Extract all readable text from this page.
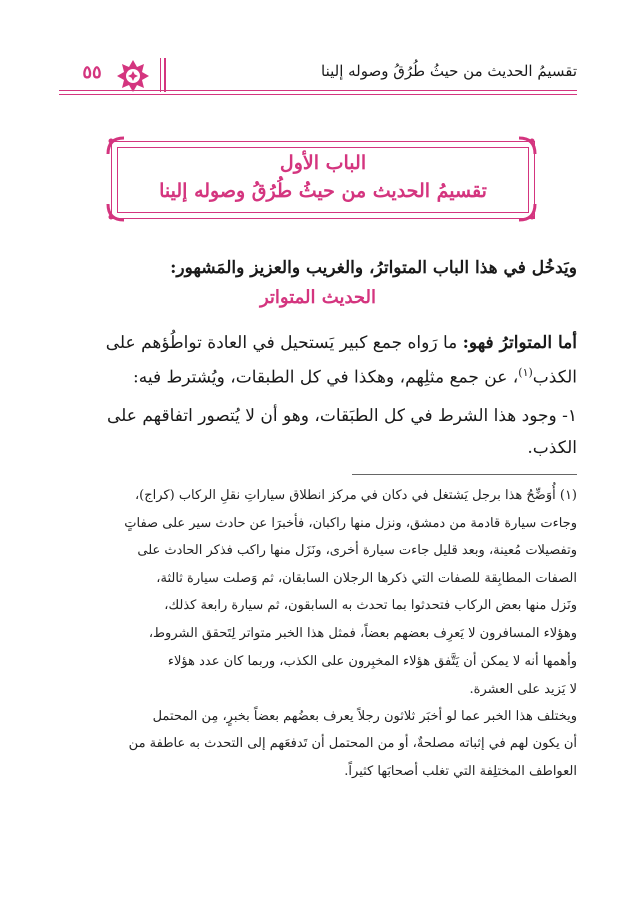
تقسيمُ الحديث من حيثُ طُرُقُ وصوله إلينا
٥٥
الباب الأول
تقسيمُ الحديث من حيثُ طُرُقُ وصوله إلينا
ويَدخُل في هذا الباب المتواترُ، والغريب والعزيز والمَشهور:
الحديث المتواتر
أما المتواترُ فهو: ما رَواه جمع كبير يَستحيل في العادة تواطُؤهم على
الكذب$^{(١)}$، عن جمع مثلِهم، وهكذا في كل الطبقات، ويُشترط فيه:
١- وجود هذا الشرط في كل الطبَقات، وهو أن لا يُتصور اتفاقهم على
الكذب.
(١) أُوَضِّحُ هذا برجل يَشتغل في دكان في مركز انطلاق سياراتِ نقلِ الركاب (كراج)،
وجاءت سيارة قادمة من دمشق، ونزل منها راكبان، فأخبرَا عن حادث سير على صفاتٍ
وتفصيلات مُعينة، وبعد قليل جاءت سيارة أخرى، ونَزَل منها راكب فذكر الحادث على
الصفات المطابِقة للصفات التي ذكرها الرجلان السابقان، ثم وَصلت سيارة ثالثة،
ونَزل منها بعض الركاب فتحدثوا بما تحدث به السابقون، ثم سيارة رابعة كذلك،
وهؤلاء المسافرون لا يَعرِف بعضهم بعضاً، فمثل هذا الخبر متواتر لِتَحقق الشروط،
وأهمها أنه لا يمكن أن يَتَّفق هؤلاء المخبِرون على الكذب، وربما كان عدد هؤلاء
لا يَزيد على العشرة.
ويختلف هذا الخبر عما لو أخبَر ثلاثون رجلاً يعرف بعضُهم بعضاً بخبرٍ، مِن المحتمل
أن يكون لهم في إثباته مصلحةٌ، أو من المحتمل أن تَدفعَهم إلى التحدث به عاطفة من
العواطف المختلِفة التي تغلب أصحابَها كثيراً.
